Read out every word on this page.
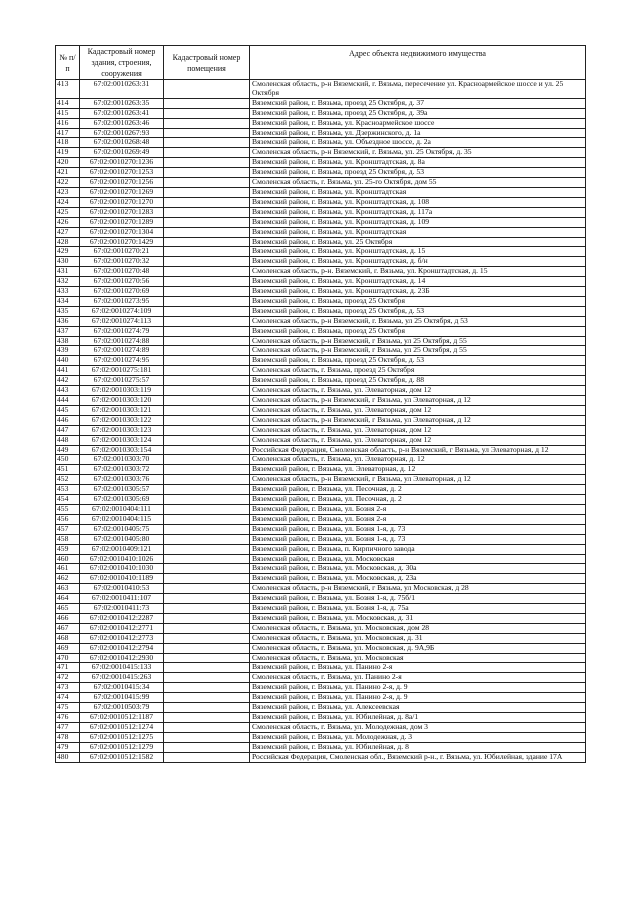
№ п/п	Кадастровый номер здания, строения, сооружения	Кадастровый номер помещения	Адрес объекта недвижимого имущества
413	67:02:0010263:31		Смоленская область, р-н Вяземский, г. Вязьма, пересечение ул. Красноармейское шоссе и ул. 25 Октября
414	67:02:0010263:35		Вяземский район, г. Вязьма, проезд 25 Октября, д. 37
415	67:02:0010263:41		Вяземский район, г. Вязьма, проезд 25 Октября, д. 39а
416	67:02:0010263:46		Вяземский район, г. Вязьма, ул. Красноармейское шоссе
417	67:02:0010267:93		Вяземский район, г. Вязьма, ул. Дзержинского, д. 1а
418	67:02:0010268:48		Вяземский район, г. Вязьма, ул. Объездное шоссе, д. 2а
419	67:02:0010269:49		Смоленская область, р-н Вяземский, г. Вязьма, ул. 25 Октября, д. 35
420	67:02:0010270:1236		Вяземский район, г. Вязьма, ул. Кронштадтская, д. 8а
421	67:02:0010270:1253		Вяземский район, г. Вязьма, проезд 25 Октября, д. 53
422	67:02:0010270:1256		Смоленская область, г. Вязьма, ул. 25-го Октября, дом 55
423	67:02:0010270:1269		Вяземский район, г. Вязьма, ул. Кронштадтская
424	67:02:0010270:1270		Вяземский район, г. Вязьма, ул. Кронштадтская, д. 108
425	67:02:0010270:1283		Вяземский район, г. Вязьма, ул. Кронштадтская, д. 117а
426	67:02:0010270:1289		Вяземский район, г. Вязьма, ул. Кронштадтская, д. 109
427	67:02:0010270:1304		Вяземский район, г. Вязьма, ул. Кронштадтская
428	67:02:0010270:1429		Вяземский район, г. Вязьма, ул. 25 Октября
429	67:02:0010270:21		Вяземский район, г. Вязьма, ул. Кронштадтская, д. 15
430	67:02:0010270:32		Вяземский район, г. Вязьма, ул. Кронштадтская, д. б/н
431	67:02:0010270:48		Смоленская область, р-н. Вяземский, г. Вязьма, ул. Кронштадтская, д. 15
432	67:02:0010270:56		Вяземский район, г. Вязьма, ул. Кронштадтская, д. 14
433	67:02:0010270:69		Вяземский район, г. Вязьма, ул. Кронштадтская, д. 23Б
434	67:02:0010273:95		Вяземский район, г. Вязьма, проезд 25 Октября
435	67:02:0010274:109		Вяземский район, г. Вязьма, проезд 25 Октября, д. 53
436	67:02:0010274:113		Смоленская область, р-н Вяземский, г. Вязьма, ул 25 Октября, д 53
437	67:02:0010274:79		Вяземский район, г. Вязьма, проезд 25 Октября
438	67:02:0010274:88		Смоленская область, р-н Вяземский, г Вязьма, ул 25 Октября, д 55
439	67:02:0010274:89		Смоленская область, р-н Вяземский, г Вязьма, ул 25 Октября, д 55
440	67:02:0010274:95		Вяземский район, г. Вязьма, проезд 25 Октября, д. 53
441	67:02:0010275:181		Смоленская область, г. Вязьма, проезд 25 Октября
442	67:02:0010275:57		Вяземский район, г. Вязьма, проезд 25 Октября, д. 88
443	67:02:0010303:119		Смоленская область, г. Вязьма, ул. Элеваторная, дом 12
444	67:02:0010303:120		Смоленская область, р-н Вяземский, г Вязьма, ул Элеваторная, д 12
445	67:02:0010303:121		Смоленская область, г. Вязьма, ул. Элеваторная, дом 12
446	67:02:0010303:122		Смоленская область, р-н Вяземский, г Вязьма, ул Элеваторная, д 12
447	67:02:0010303:123		Смоленская область, г. Вязьма, ул. Элеваторная, дом 12
448	67:02:0010303:124		Смоленская область, г. Вязьма, ул. Элеваторная, дом 12
449	67:02:0010303:154		Российская Федерация, Смоленская область, р-н Вяземский, г Вязьма, ул Элеваторная, д 12
450	67:02:0010303:70		Смоленская область, г. Вязьма, ул. Элеваторная, д. 12
451	67:02:0010303:72		Вяземский район, г. Вязьма, ул. Элеваторная, д. 12
452	67:02:0010303:76		Смоленская область, р-н Вяземский, г Вязьма, ул Элеваторная, д 12
453	67:02:0010305:57		Вяземский район, г. Вязьма, ул. Песочная, д. 2
454	67:02:0010305:69		Вяземский район, г. Вязьма, ул. Песочная, д. 2
455	67:02:0010404:111		Вяземский район, г. Вязьма, ул. Бозня 2-я
456	67:02:0010404:115		Вяземский район, г. Вязьма, ул. Бозня 2-я
457	67:02:0010405:75		Вяземский район, г. Вязьма, ул. Бозня 1-я, д. 73
458	67:02:0010405:80		Вяземский район, г. Вязьма, ул. Бозня 1-я, д. 73
459	67:02:0010409:121		Вяземский район, г. Вязьма, п. Кирпичного завода
460	67:02:0010410:1026		Вяземский район, г. Вязьма, ул. Московская
461	67:02:0010410:1030		Вяземский район, г. Вязьма, ул. Московская, д. 30а
462	67:02:0010410:1189		Вяземский район, г. Вязьма, ул. Московская, д. 23а
463	67:02:0010410:53		Смоленская область, р-н Вяземский, г Вязьма, ул Московская, д 28
464	67:02:0010411:107		Вяземский район, г. Вязьма, ул. Бозня 1-я, д. 75б/1
465	67:02:0010411:73		Вяземский район, г. Вязьма, ул. Бозня 1-я, д. 75а
466	67:02:0010412:2287		Вяземский район, г. Вязьма, ул. Московская, д. 31
467	67:02:0010412:2771		Смоленская область, г. Вязьма, ул. Московская, дом 28
468	67:02:0010412:2773		Смоленская область, г. Вязьма, ул. Московская, д. 31
469	67:02:0010412:2794		Смоленская область, г. Вязьма, ул. Московская, д. 9А,9Б
470	67:02:0010412:2930		Смоленская область, г. Вязьма, ул. Московская
471	67:02:0010415:133		Вяземский район, г. Вязьма, ул. Панино 2-я
472	67:02:0010415:263		Смоленская область, г. Вязьма, ул. Панино 2-я
473	67:02:0010415:34		Вяземский район, г. Вязьма, ул. Панино 2-я, д. 9
474	67:02:0010415:99		Вяземский район, г. Вязьма, ул. Панино 2-я, д. 9
475	67:02:0010503:79		Вяземский район, г. Вязьма, ул. Алексеевская
476	67:02:0010512:1187		Вяземский район, г. Вязьма, ул. Юбилейная, д. 8а/1
477	67:02:0010512:1274		Смоленская область, г. Вязьма, ул. Молодежная, дом 3
478	67:02:0010512:1275		Вяземский район, г. Вязьма, ул. Молодежная, д. 3
479	67:02:0010512:1279		Вяземский район, г. Вязьма, ул. Юбилейная, д. 8
480	67:02:0010512:1582		Российская Федерация, Смоленская обл., Вяземский р-н., г. Вязьма, ул. Юбилейная, здание 17А
